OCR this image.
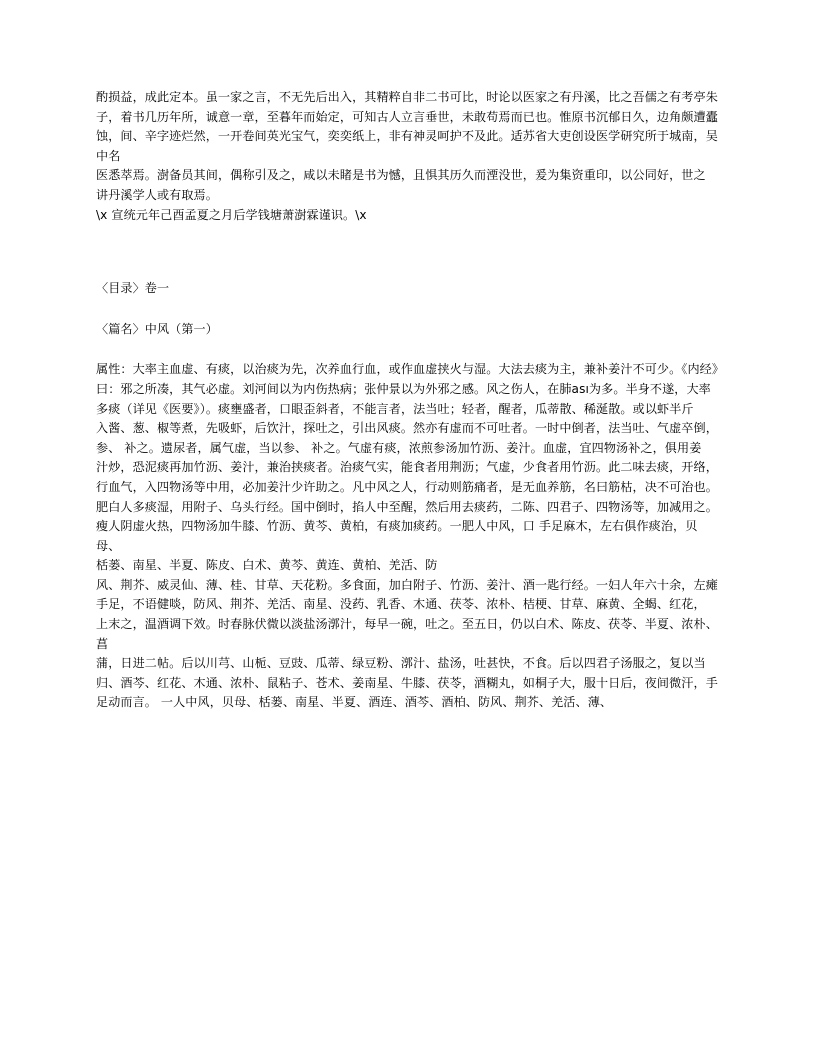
酌损益，成此定本。虽一家之言，不无先后出入，其精粹自非二书可比，时论以医家之有丹溪，比之吾儒之有考亭朱
子，着书几历年所，诚意一章，至暮年而始定，可知古人立言垂世，未敢苟焉而已也。惟原书沉郁日久，边角颇遭蠹
蚀，间、辛字迹烂然，一开卷间英光宝气，奕奕纸上，非有神灵呵护不及此。适苏省大吏创设医学研究所于城南，吴中名
医悉萃焉。澍备员其间，偶称引及之，咸以未睹是书为憾，且惧其历久而湮没世，爰为集资重印，以公同好，世之
讲丹溪学人或有取焉。
\x 宣统元年己酉孟夏之月后学钱塘萧澍霖谨识。\x
〈目录〉卷一
〈篇名〉中风（第一）
属性：大率主血虚、有痰，以治痰为先，次养血行血，或作血虚挟火与湿。大法去痰为主，兼补姜汁不可少。《内经》
曰：邪之所凑，其气必虚。刘河间以为内伤热病；张仲景以为外邪之感。风之伤人，在肺ası为多。半身不遂，大率
多痰（详见《医要》）。痰壅盛者，口眼歪斜者，不能言者，法当吐；轻者，醒者，瓜蒂散、稀涎散。或以虾半斤
入酱、葱、椒等煮，先吸虾，后饮汁，探吐之，引出风痰。然亦有虚而不可吐者。一时中倒者，法当吐、气虚卒倒，
参、 补之。遗尿者，属气虚，当以参、 补之。气虚有痰，浓煎参汤加竹沥、姜汁。血虚，宜四物汤补之，俱用姜
汁炒，恐泥痰再加竹沥、姜汁，兼治挟痰者。治痰气实，能食者用荆沥；气虚，少食者用竹沥。此二味去痰，开络，
行血气，入四物汤等中用，必加姜汁少许助之。凡中风之人，行动则筋痛者，是无血养筋，名曰筋枯，决不可治也。
肥白人多痰湿，用附子、乌头行经。国中倒时，掐人中至醒，然后用去痰药，二陈、四君子、四物汤等，加减用之。
瘦人阴虚火热，四物汤加牛膝、竹沥、黄芩、黄柏，有痰加痰药。一肥人中风，口 手足麻木，左右俱作痰治，贝母、
栝蒌、南星、半夏、陈皮、白术、黄芩、黄连、黄柏、羌活、防
风、荆芥、威灵仙、薄、桂、甘草、天花粉。多食面，加白附子、竹沥、姜汁、酒一匙行经。一妇人年六十余，左瘫
手足，不语健啖，防风、荆芥、羌活、南星、没药、乳香、木通、茯苓、浓朴、桔梗、甘草、麻黄、全蝎、红花，
上末之，温酒调下效。时春脉伏微以淡盐汤漷汁，每早一碗，吐之。至五日，仍以白术、陈皮、茯苓、半夏、浓朴、菖
蒲，日进二帖。后以川芎、山栀、豆豉、瓜蒂、绿豆粉、漷汁、盐汤，吐甚快，不食。后以四君子汤服之，复以当
归、酒芩、红花、木通、浓朴、鼠粘子、苍术、姜南星、牛膝、茯苓，酒糊丸，如桐子大，服十日后，夜间微汗，手
足动而言。 一人中风，贝母、栝蒌、南星、半夏、酒连、酒芩、酒柏、防风、荆芥、羌活、薄、
